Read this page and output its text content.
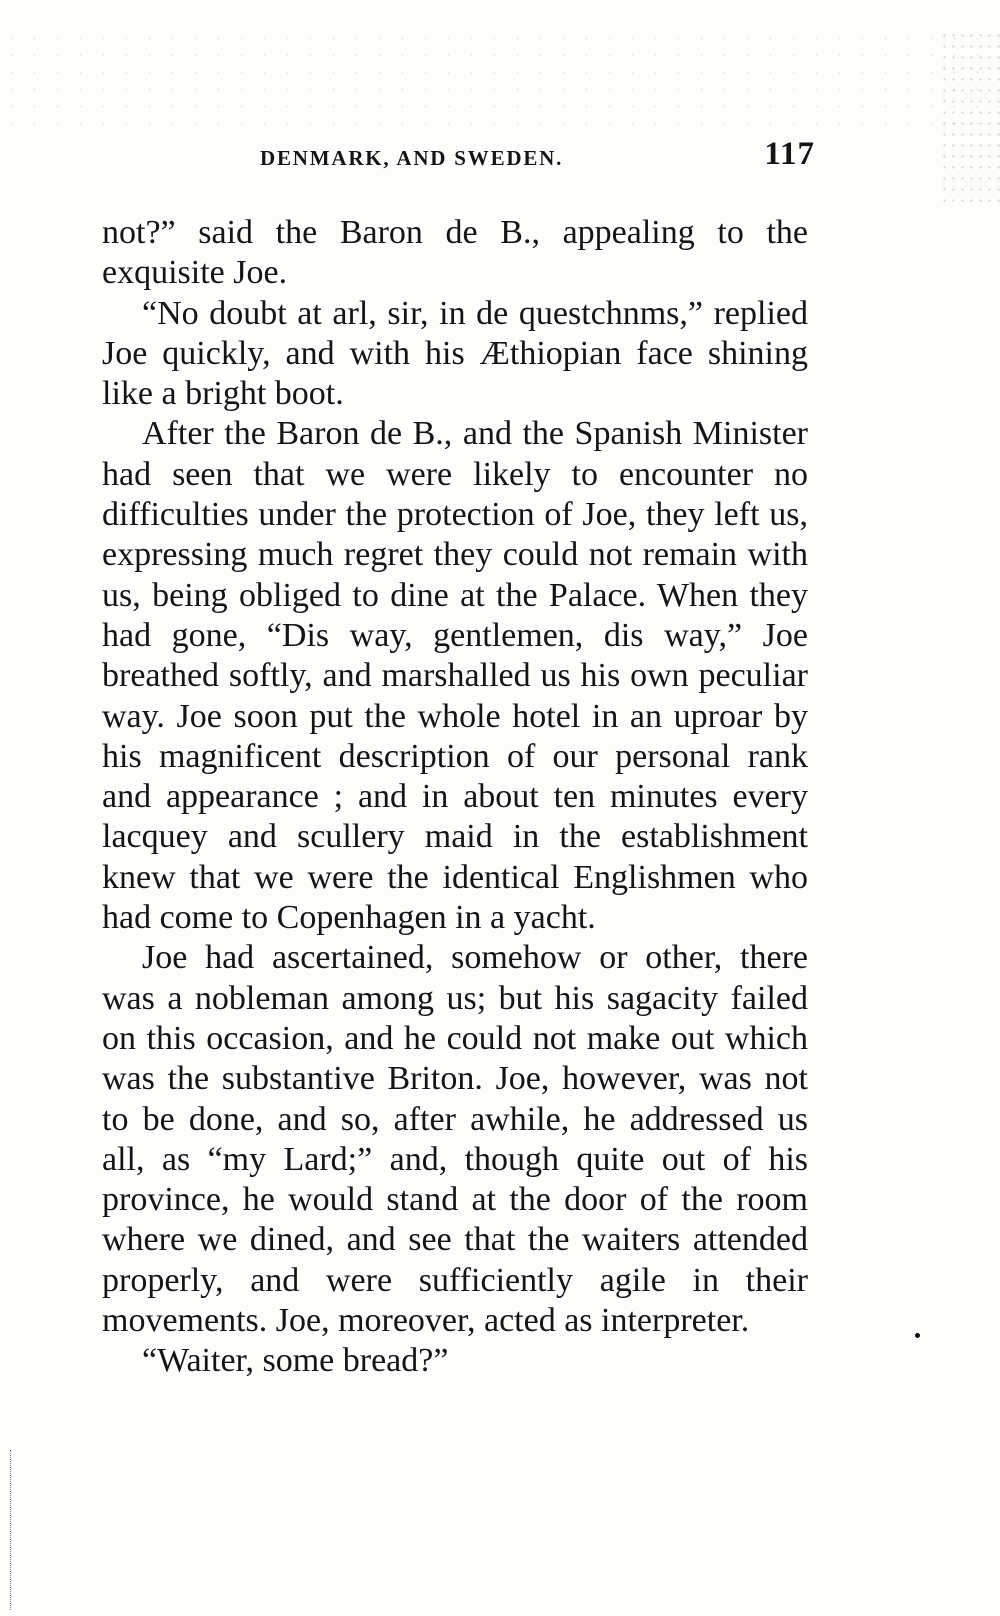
DENMARK, AND SWEDEN.	117

not?” said the Baron de B., appealing to the exquisite Joe.

“No doubt at arl, sir, in de questchnms,” replied Joe quickly, and with his Æthiopian face shining like a bright boot.

After the Baron de B., and the Spanish Minister had seen that we were likely to encounter no difficulties under the protection of Joe, they left us, expressing much regret they could not remain with us, being obliged to dine at the Palace. When they had gone, “Dis way, gentlemen, dis way,” Joe breathed softly, and marshalled us his own peculiar way. Joe soon put the whole hotel in an uproar by his magnificent description of our personal rank and appearance ; and in about ten minutes every lacquey and scullery maid in the establishment knew that we were the identical Englishmen who had come to Copenhagen in a yacht.

Joe had ascertained, somehow or other, there was a nobleman among us; but his sagacity failed on this occasion, and he could not make out which was the substantive Briton. Joe, however, was not to be done, and so, after awhile, he addressed us all, as “my Lard;” and, though quite out of his province, he would stand at the door of the room where we dined, and see that the waiters attended properly, and were sufficiently agile in their movements. Joe, moreover, acted as interpreter.

“Waiter, some bread?”
